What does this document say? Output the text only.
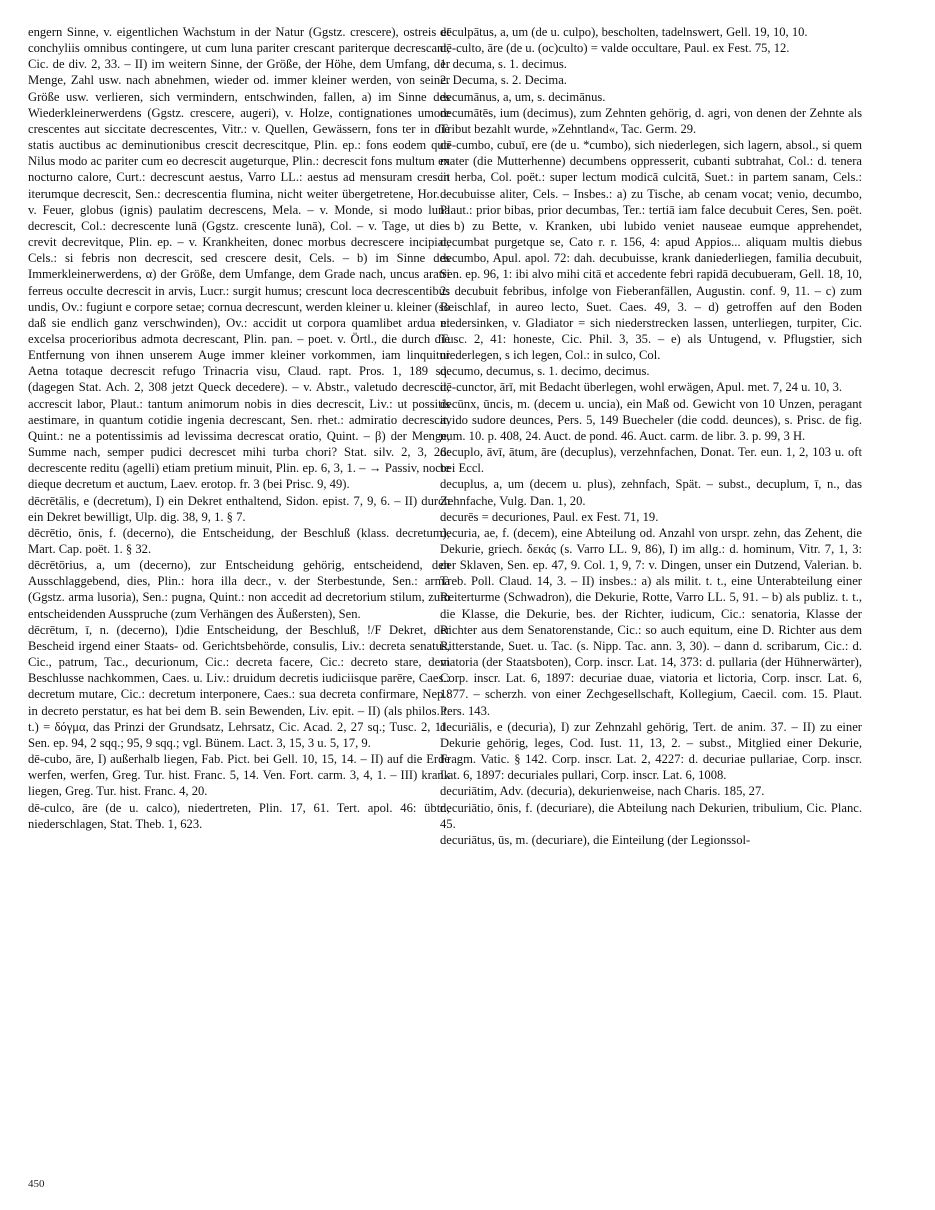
engern Sinne, v. eigentlichen Wachstum in der Natur (Ggstz. crescere), ostreis et conchyliis omnibus contingere, ut cum luna pariter crescant pariterque decrescant, Cic. de div. 2, 33. – II) im weitern Sinne, der Größe, der Höhe, dem Umfang, der Menge, Zahl usw. nach abnehmen, wieder od. immer kleiner werden, von seiner Größe usw. verlieren, sich vermindern, entschwinden, fallen, a) im Sinne des Wiederkleinerwerdens (Ggstz. crescere, augeri), v. Holze, contignationes umore crescentes aut siccitate decrescentes, Vitr.: v. Quellen, Gewässern, fons ter in die statis auctibus ac deminutionibus crescit decrescitque, Plin. ep.: fons eodem quo Nilus modo ac pariter cum eo decrescit augeturque, Plin.: decrescit fons multum ex nocturno calore, Curt.: decrescunt aestus, Varro LL.: aestus ad mensuram crescit iterumque decrescit, Sen.: decrescentia flumina, nicht weiter übergetretene, Hor. – v. Feuer, globus (ignis) paulatim decrescens, Mela. – v. Monde, si modo luna decrescit, Col.: decrescente lunā (Ggstz. crescente lunā), Col. – v. Tage, ut dies crevit decrevitque, Plin. ep. – v. Krankheiten, donec morbus decrescere incipiat, Cels.: si febris non decrescit, sed crescere desit, Cels. – b) im Sinne des Immerkleinerwerdens, α) der Größe, dem Umfange, dem Grade nach, uncus aratri ferreus occulte decrescit in arvis, Lucr.: surgit humus; crescunt loca decrescentibus undis, Ov.: fugiunt e corpore setae; cornua decrescunt, werden kleiner u. kleiner (so daß sie endlich ganz verschwinden), Ov.: accidit ut corpora quamlibet ardua et excelsa procerioribus admota decrescant, Plin. pan. – poet. v. Örtl., die durch die Entfernung von ihnen unserem Auge immer kleiner vorkommen, iam linquitur Aetna totaque decrescit refugo Trinacria visu, Claud. rapt. Pros. 1, 189 sq. (dagegen Stat. Ach. 2, 308 jetzt Queck decedere). – v. Abstr., valetudo decrescit, accrescit labor, Plaut.: tantum animorum nobis in dies decrescit, Liv.: ut possitis aestimare, in quantum cotidie ingenia decrescant, Sen. rhet.: admiratio decrescit, Quint.: ne a potentissimis ad levissima decrescat oratio, Quint. – β) der Menge, Summe nach, semper pudici decrescet mihi turba chori? Stat. silv. 2, 3, 26: decrescente reditu (agelli) etiam pretium minuit, Plin. ep. 6, 3, 1. – → Passiv, nocte dieque decretum et auctum, Laev. erotop. fr. 3 (bei Prisc. 9, 49).

dēcrētālis, e (decretum), I) ein Dekret enthaltend, Sidon. epist. 7, 9, 6. – II) durch ein Dekret bewilligt, Ulp. dig. 38, 9, 1. § 7.

dēcrētio, ōnis, f. (decerno), die Entscheidung, der Beschluß (klass. decretum), Mart. Cap. poët. 1. § 32.

dēcrētōrius, a, um (decerno), zur Entscheidung gehörig, entscheidend, den Ausschlaggebend, dies, Plin.: hora illa decr., v. der Sterbestunde, Sen.: arma (Ggstz. arma lusoria), Sen.: pugna, Quint.: non accedit ad decretorium stilum, zum entscheidenden Ausspruche (zum Verhängen des Äußersten), Sen.

dēcrētum, ī, n. (decerno), I)die Entscheidung, der Beschluß, !/F Dekret, der Bescheid irgend einer Staats- od. Gerichtsbehörde, consulis, Liv.: decreta senatus, Cic., patrum, Tac., decurionum, Cic.: decreta facere, Cic.: decreto stare, dem Beschlusse nachkommen, Caes. u. Liv.: druidum decretis iudiciisque parēre, Caes.: decretum mutare, Cic.: decretum interponere, Caes.: sua decreta confirmare, Nep.: in decreto perstatur, es hat bei dem B. sein Bewenden, Liv. epit. – II) (als philos. t. t.) = δόγμα, das Prinzi der Grundsatz, Lehrsatz, Cic. Acad. 2, 27 sq.; Tusc. 2, 11. Sen. ep. 94, 2 sqq.; 95, 9 sqq.; vgl. Bünem. Lact. 3, 15, 3 u. 5, 17, 9.

dē-cubo, āre, I) außerhalb liegen, Fab. Pict. bei Gell. 10, 15, 14. – II) auf die Erde werfen, werfen, Greg. Tur. hist. Franc. 5, 14. Ven. Fort. carm. 3, 4, 1. – III) krank liegen, Greg. Tur. hist. Franc. 4, 20.

dē-culco, āre (de u. calco), niedertreten, Plin. 17, 61. Tert. apol. 46: übtr., niederschlagen, Stat. Theb. 1, 623.

dēculpātus, a, um (de u. culpo), bescholten, tadelnswert, Gell. 19, 10, 10.

dē-culto, āre (de u. (oc)culto) = valde occultare, Paul. ex Fest. 75, 12.

1. decuma, s. 1. decimus.

2. Decuma, s. 2. Decima.

decumānus, a, um, s. decimānus.

decumātēs, ium (decimus), zum Zehnten gehörig, d. agri, von denen der Zehnte als Tribut bezahlt wurde, »Zehntland«, Tac. Germ. 29.

dē-cumbo, cubuī, ere (de u. *cumbo), sich niederlegen, sich lagern, absol., si quem mater (die Mutterhenne) decumbens oppresserit, cubanti subtrahat, Col.: d. tenera in herba, Col. poët.: super lectum modicā culcitā, Suet.: in partem sanam, Cels.: decubuisse aliter, Cels. – Insbes.: a) zu Tische, ab cenam vocat; venio, decumbo, Plaut.: prior bibas, prior decumbas, Ter.: tertiā iam falce decubuit Ceres, Sen. poët. – b) zu Bette, v. Kranken, ubi lubido veniet nauseae eumque apprehendet, decumbat purgetque se, Cato r. r. 156, 4: apud Appios... aliquam multis diebus decumbo, Apul. apol. 72: dah. decubuisse, krank daniederliegen, familia decubuit, Sen. ep. 96, 1: ibi alvo mihi citā et accedente febri rapidā decubueram, Gell. 18, 10, 2: decubuit febribus, infolge von Fieberanfällen, Augustin. conf. 9, 11. – c) zum Beischlaf, in aureo lecto, Suet. Caes. 49, 3. – d) getroffen auf den Boden niedersinken, v. Gladiator = sich niederstrecken lassen, unterliegen, turpiter, Cic. Tusc. 2, 41: honeste, Cic. Phil. 3, 35. – e) als Untugend, v. Pflugstier, sich niederlegen, s ich legen, Col.: in sulco, Col.

decumo, decumus, s. 1. decimo, decimus.

dē-cunctor, ārī, mit Bedacht überlegen, wohl erwägen, Apul. met. 7, 24 u. 10, 3.

decūnx, ūncis, m. (decem u. uncia), ein Maß od. Gewicht von 10 Unzen, peragant avido sudore deunces, Pers. 5, 149 Buecheler (die codd. deunces), s. Prisc. de fig. num. 10. p. 408, 24. Auct. de pond. 46. Auct. carm. de libr. 3. p. 99, 3 H.

decuplo, āvī, ātum, āre (decuplus), verzehnfachen, Donat. Ter. eun. 1, 2, 103 u. oft bei Eccl.

decuplus, a, um (decem u. plus), zehnfach, Spät. – subst., decuplum, ī, n., das Zehnfache, Vulg. Dan. 1, 20.

decurēs = decuriones, Paul. ex Fest. 71, 19.

decuria, ae, f. (decem), eine Abteilung od. Anzahl von urspr. zehn, das Zehent, die Dekurie, griech. δεκάς (s. Varro LL. 9, 86), I) im allg.: d. hominum, Vitr. 7, 1, 3: der Sklaven, Sen. ep. 47, 9. Col. 1, 9, 7: v. Dingen, unser ein Dutzend, Valerian. b. Treb. Poll. Claud. 14, 3. – II) insbes.: a) als milit. t. t., eine Unterabteilung einer Reiterturme (Schwadron), die Dekurie, Rotte, Varro LL. 5, 91. – b) als publiz. t. t., die Klasse, die Dekurie, bes. der Richter, iudicum, Cic.: senatoria, Klasse der Richter aus dem Senatorenstande, Cic.: so auch equitum, eine D. Richter aus dem Ritterstande, Suet. u. Tac. (s. Nipp. Tac. ann. 3, 30). – dann d. scribarum, Cic.: d. viatoria (der Staatsboten), Corp. inscr. Lat. 14, 373: d. pullaria (der Hühnerwärter), Corp. inscr. Lat. 6, 1897: decuriae duae, viatoria et lictoria, Corp. inscr. Lat. 6, 1877. – scherzh. von einer Zechgesellschaft, Kollegium, Caecil. com. 15. Plaut. Pers. 143.

decuriālis, e (decuria), I) zur Zehnzahl gehörig, Tert. de anim. 37. – II) zu einer Dekurie gehörig, leges, Cod. Iust. 11, 13, 2. – subst., Mitglied einer Dekurie, Fragm. Vatic. § 142. Corp. inscr. Lat. 2, 4227: d. decuriae pullariae, Corp. inscr. Lat. 6, 1897: decuriales pullari, Corp. inscr. Lat. 6, 1008.

decuriātim, Adv. (decuria), dekurienweise, nach Charis. 185, 27.

decuriātio, ōnis, f. (decuriare), die Abteilung nach Dekurien, tribulium, Cic. Planc. 45.

decuriātus, ūs, m. (decuriare), die Einteilung (der Legionssol-

450
